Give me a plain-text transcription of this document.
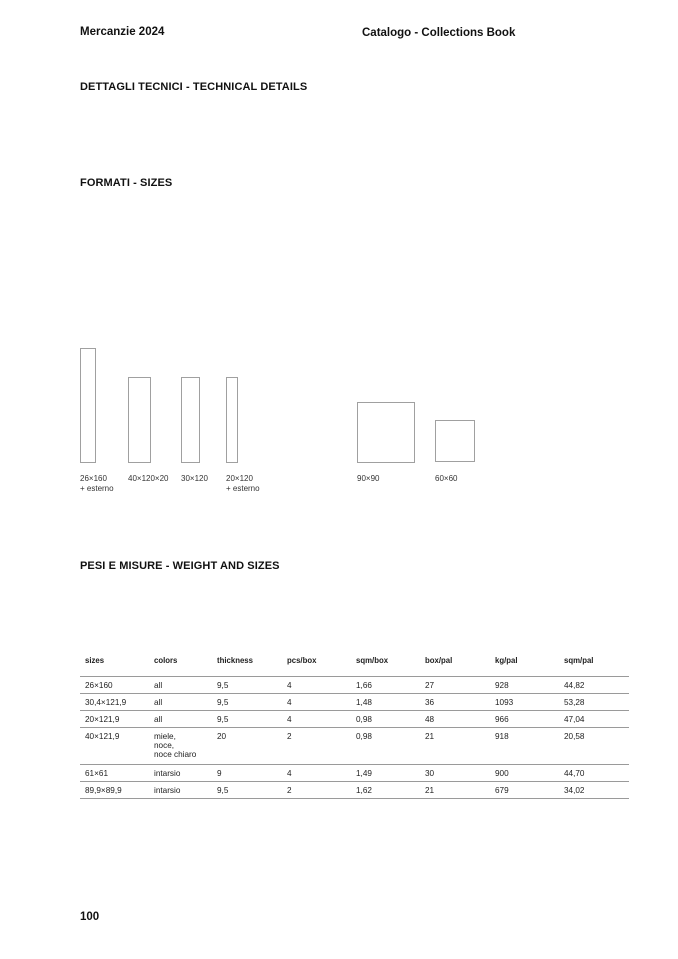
Mercanzie 2024	Catalogo - Collections Book
DETTAGLI TECNICI - TECHNICAL DETAILS
FORMATI - SIZES
26×160
+ esterno
40×120×20 30×120 20×120
+ esterno
90×90	60×60
PESI E MISURE - WEIGHT AND SIZES
sizes	colors	thickness	pcs/box	sqm/box	box/pal	kg/pal	sqm/pal
26×160	all	9,5	4	1,66	27	928	44,82
30,4×121,9	all	9,5	4	1,48	36	1093	53,28
20×121,9	all	9,5	4	0,98	48	966	47,04
40×121,9	miele,
noce,
noce chiaro	20	2	0,98	21	918	20,58
61×61	intarsio	9	4	1,49	30	900	44,70
89,9×89,9	intarsio	9,5	2	1,62	21	679	34,02
100
